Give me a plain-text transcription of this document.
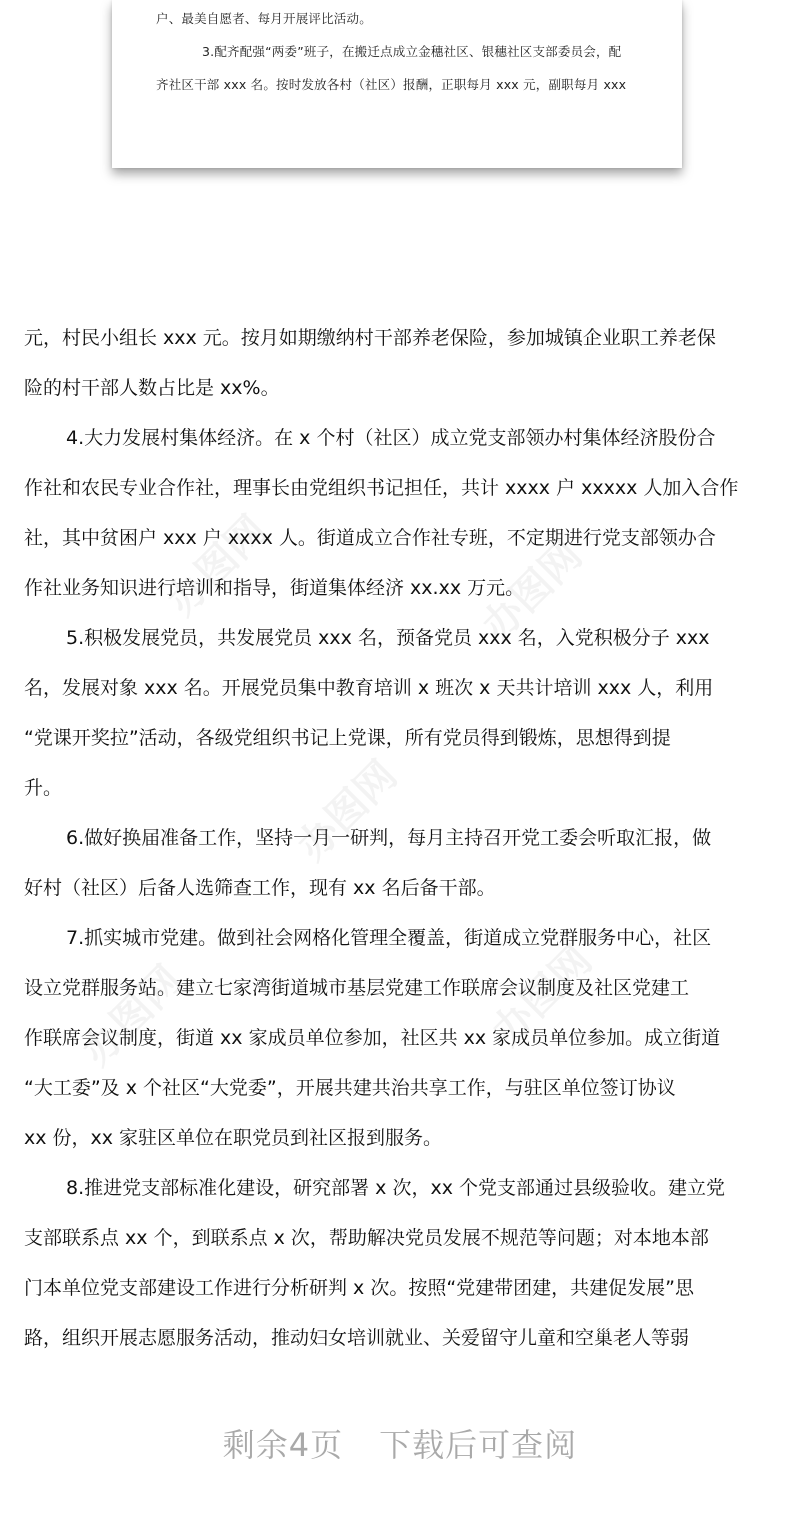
户、最美自愿者、每月开展评比活动。

3.配齐配强“两委”班子，在搬迁点成立金穗社区、银穗社区支部委员会，配

齐社区干部 xxx 名。按时发放各村（社区）报酬，正职每月 xxx 元，副职每月 xxx

办图网	办图网
办图网
办图网	办图网

元，村民小组长 xxx 元。按月如期缴纳村干部养老保险，参加城镇企业职工养老保

险的村干部人数占比是 xx%。

4.大力发展村集体经济。在 x 个村（社区）成立党支部领办村集体经济股份合

作社和农民专业合作社，理事长由党组织书记担任，共计 xxxx 户 xxxxx 人加入合作

社，其中贫困户 xxx 户 xxxx 人。街道成立合作社专班，不定期进行党支部领办合

作社业务知识进行培训和指导，街道集体经济 xx.xx 万元。

5.积极发展党员，共发展党员 xxx 名，预备党员 xxx 名，入党积极分子 xxx

名，发展对象 xxx 名。开展党员集中教育培训 x 班次 x 天共计培训 xxx 人，利用

“党课开奖拉”活动，各级党组织书记上党课，所有党员得到锻炼，思想得到提

升。

6.做好换届准备工作，坚持一月一研判，每月主持召开党工委会听取汇报，做

好村（社区）后备人选筛查工作，现有 xx 名后备干部。

7.抓实城市党建。做到社会网格化管理全覆盖，街道成立党群服务中心，社区

设立党群服务站。建立七家湾街道城市基层党建工作联席会议制度及社区党建工

作联席会议制度，街道 xx 家成员单位参加，社区共 xx 家成员单位参加。成立街道

“大工委”及 x 个社区“大党委”，开展共建共治共享工作，与驻区单位签订协议

xx 份，xx 家驻区单位在职党员到社区报到服务。

8.推进党支部标准化建设，研究部署 x 次，xx 个党支部通过县级验收。建立党

支部联系点 xx 个，到联系点 x 次，帮助解决党员发展不规范等问题；对本地本部

门本单位党支部建设工作进行分析研判 x 次。按照“党建带团建，共建促发展”思

路，组织开展志愿服务活动，推动妇女培训就业、关爱留守儿童和空巢老人等弱

剩余4页 下载后可查阅
